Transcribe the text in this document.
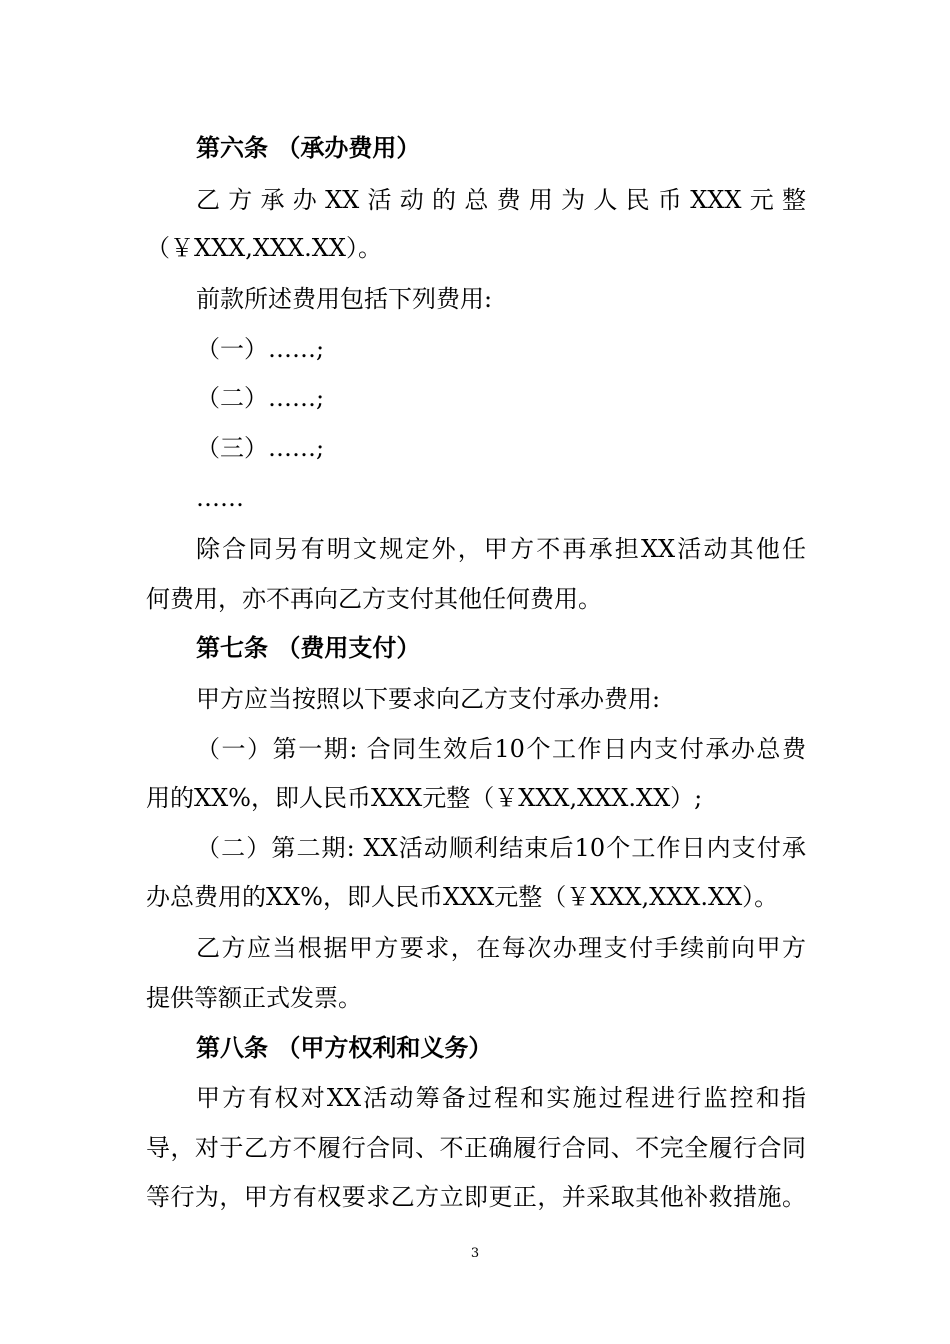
第六条 （承办费用）
乙方承办XX活动的总费用为人民币XXX元整
（￥XXX,XXX.XX）。
前款所述费用包括下列费用:
（一）……;
（二）……;
（三）……;
……
除合同另有明文规定外，甲方不再承担XX活动其他任
何费用，亦不再向乙方支付其他任何费用。
第七条 （费用支付）
甲方应当按照以下要求向乙方支付承办费用:
（一）第一期: 合同生效后10个工作日内支付承办总费
用的XX%，即人民币XXX元整（￥XXX,XXX.XX）;
（二）第二期: XX活动顺利结束后10个工作日内支付承
办总费用的XX%，即人民币XXX元整（￥XXX,XXX.XX）。
乙方应当根据甲方要求，在每次办理支付手续前向甲方
提供等额正式发票。
第八条 （甲方权利和义务）
甲方有权对XX活动筹备过程和实施过程进行监控和指
导，对于乙方不履行合同、不正确履行合同、不完全履行合同
等行为，甲方有权要求乙方立即更正，并采取其他补救措施。
3
